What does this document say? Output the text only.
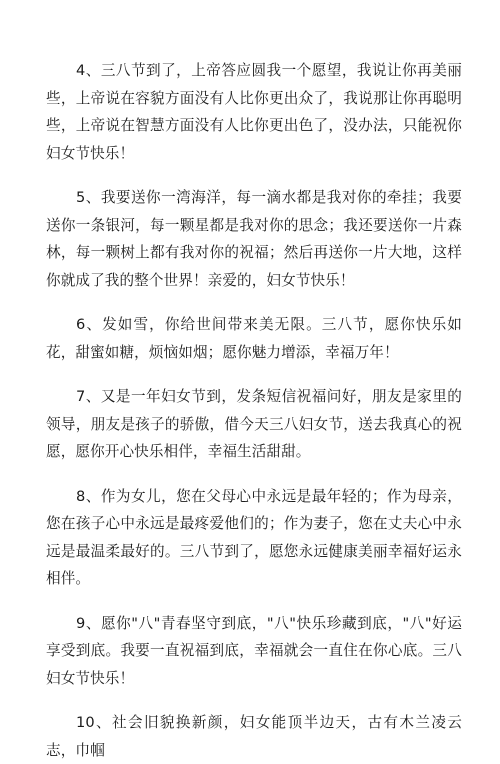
4、三八节到了，上帝答应圆我一个愿望，我说让你再美丽些，上帝说在容貌方面没有人比你更出众了，我说那让你再聪明些，上帝说在智慧方面没有人比你更出色了，没办法，只能祝你妇女节快乐！

5、我要送你一湾海洋，每一滴水都是我对你的牵挂；我要送你一条银河，每一颗星都是我对你的思念；我还要送你一片森林，每一颗树上都有我对你的祝福；然后再送你一片大地，这样你就成了我的整个世界！亲爱的，妇女节快乐！

6、发如雪，你给世间带来美无限。三八节，愿你快乐如花，甜蜜如糖，烦恼如烟；愿你魅力增添，幸福万年！

7、又是一年妇女节到，发条短信祝福问好，朋友是家里的领导，朋友是孩子的骄傲，借今天三八妇女节，送去我真心的祝愿，愿你开心快乐相伴，幸福生活甜甜。

8、作为女儿，您在父母心中永远是最年轻的；作为母亲，您在孩子心中永远是最疼爱他们的；作为妻子，您在丈夫心中永远是最温柔最好的。三八节到了，愿您永远健康美丽幸福好运永相伴。

9、愿你"八"青春坚守到底，"八"快乐珍藏到底，"八"好运享受到底。我要一直祝福到底，幸福就会一直住在你心底。三八妇女节快乐！

10、社会旧貌换新颜，妇女能顶半边天，古有木兰凌云志，巾帼
